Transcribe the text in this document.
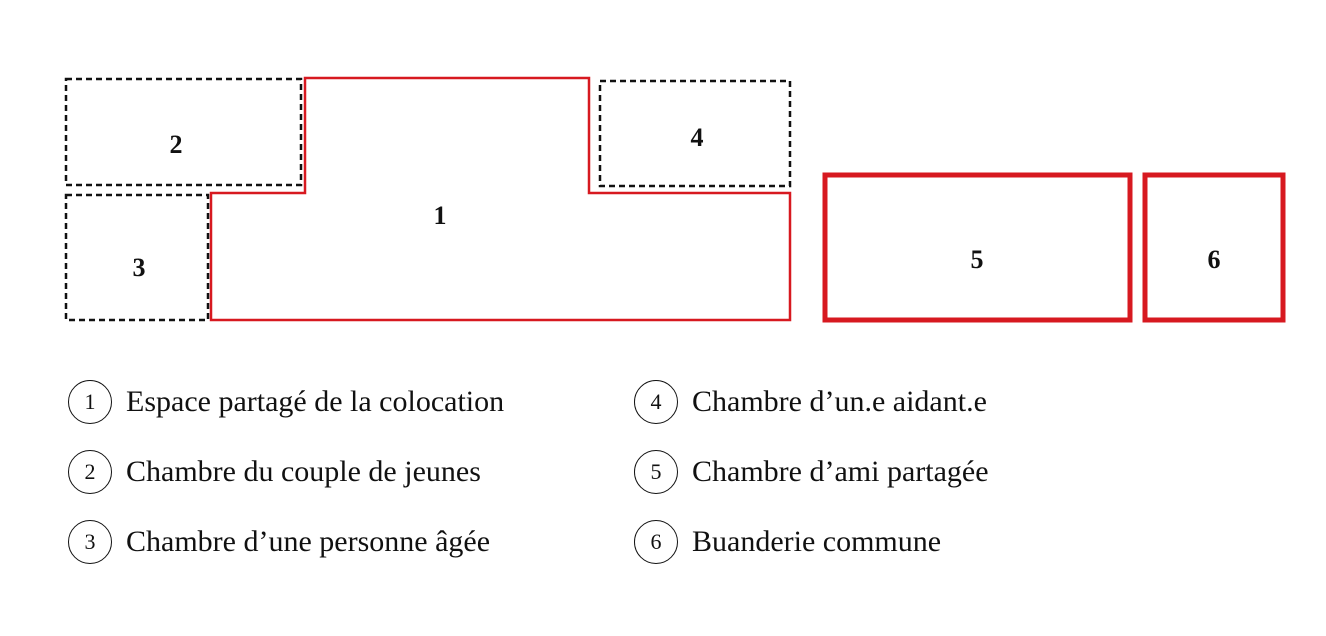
1
2
3
4
5	6
1	Espace partagé de la colocation
2	Chambre du couple de jeunes
3	Chambre d’une personne âgée
4	Chambre d’un.e aidant.e
5	Chambre d’ami partagée
6	Buanderie commune
